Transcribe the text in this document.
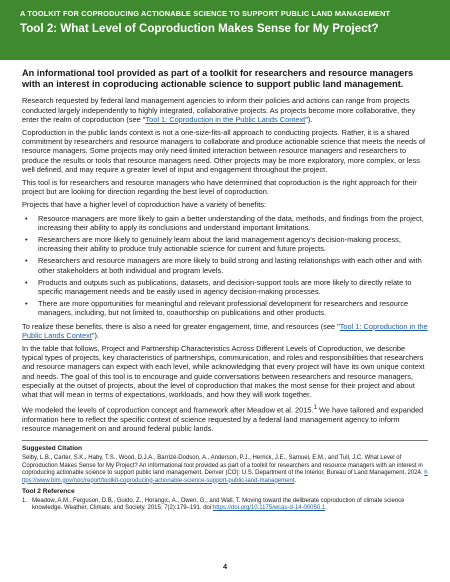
A TOOLKIT FOR COPRODUCING ACTIONABLE SCIENCE TO SUPPORT PUBLIC LAND MANAGEMENT
Tool 2: What Level of Coproduction Makes Sense for My Project?

An informational tool provided as part of a toolkit for researchers and resource managers with an interest in coproducing actionable science to support public land management.

Research requested by federal land management agencies to inform their policies and actions can range from projects conducted largely independently to highly integrated, collaborative projects. As projects become more collaborative, they enter the realm of coproduction (see "Tool 1: Coproduction in the Public Lands Context").

Coproduction in the public lands context is not a one-size-fits-all approach to conducting projects. Rather, it is a shared commitment by researchers and resource managers to collaborate and produce actionable science that meets the needs of resource managers. Some projects may only need limited interaction between resource managers and researchers to produce the results or tools that resource managers need. Other projects may be more exploratory, more complex, or less well defined, and may require a greater level of input and engagement throughout the project.

This tool is for researchers and resource managers who have determined that coproduction is the right approach for their project but are looking for direction regarding the best level of coproduction.

Projects that have a higher level of coproduction have a variety of benefits:

• Resource managers are more likely to gain a better understanding of the data, methods, and findings from the project, increasing their ability to apply its conclusions and understand important limitations.
• Researchers are more likely to genuinely learn about the land management agency's decision-making process, increasing their ability to produce truly actionable science for current and future projects.
• Researchers and resource managers are more likely to build strong and lasting relationships with each other and with other stakeholders at both individual and program levels.
• Products and outputs such as publications, datasets, and decision-support tools are more likely to directly relate to specific management needs and be easily used in agency decision-making processes.
• There are more opportunities for meaningful and relevant professional development for researchers and resource managers, including, but not limited to, coauthorship on publications and other products.

To realize these benefits, there is also a need for greater engagement, time, and resources (see "Tool 1: Coproduction in the Public Lands Context").

In the table that follows, Project and Partnership Characteristics Across Different Levels of Coproduction, we describe typical types of projects, key characteristics of partnerships, communication, and roles and responsibilities that researchers and resource managers can expect with each level, while acknowledging that every project will have its own unique context and needs. The goal of this tool is to encourage and guide conversations between researchers and resource managers, especially at the outset of projects, about the level of coproduction that makes the most sense for their project and about what that will mean in terms of expectations, workloads, and how they will work together.

We modeled the levels of coproduction concept and framework after Meadow et al. 2015.$^1$ We have tailored and expanded information here to reflect the specific context of science requested by a federal land management agency to inform resource management on and around federal public lands.

Suggested Citation

Selby, L.B., Carter, S.K., Haby, T.S., Wood, D.J.A., Barrizé-Dodson, A., Anderson, P.J., Herrick, J.E., Samuel, E.M., and Tull, J.C. What Level of Coproduction Makes Sense for My Project? An informational tool provided as part of a toolkit for researchers and resource managers with an interest in coproducing actionable science to support public land management. Denver (CO): U.S. Department of the Interior, Bureau of Land Management, 2024. https://www.blm.gov/noc/report/toolkit-coproducing-actionable-science-support-public-land-management.

Tool 2 Reference
1. Meadow, A.M., Ferguson, D.B., Guido, Z., Horangic, A., Owen, G., and Wall, T. Moving toward the deliberate coproduction of climate science knowledge. Weather, Climate, and Society. 2015; 7(2):179–191. doi:https://doi.org/10.1175/wcas-d-14-00050.1.
4
